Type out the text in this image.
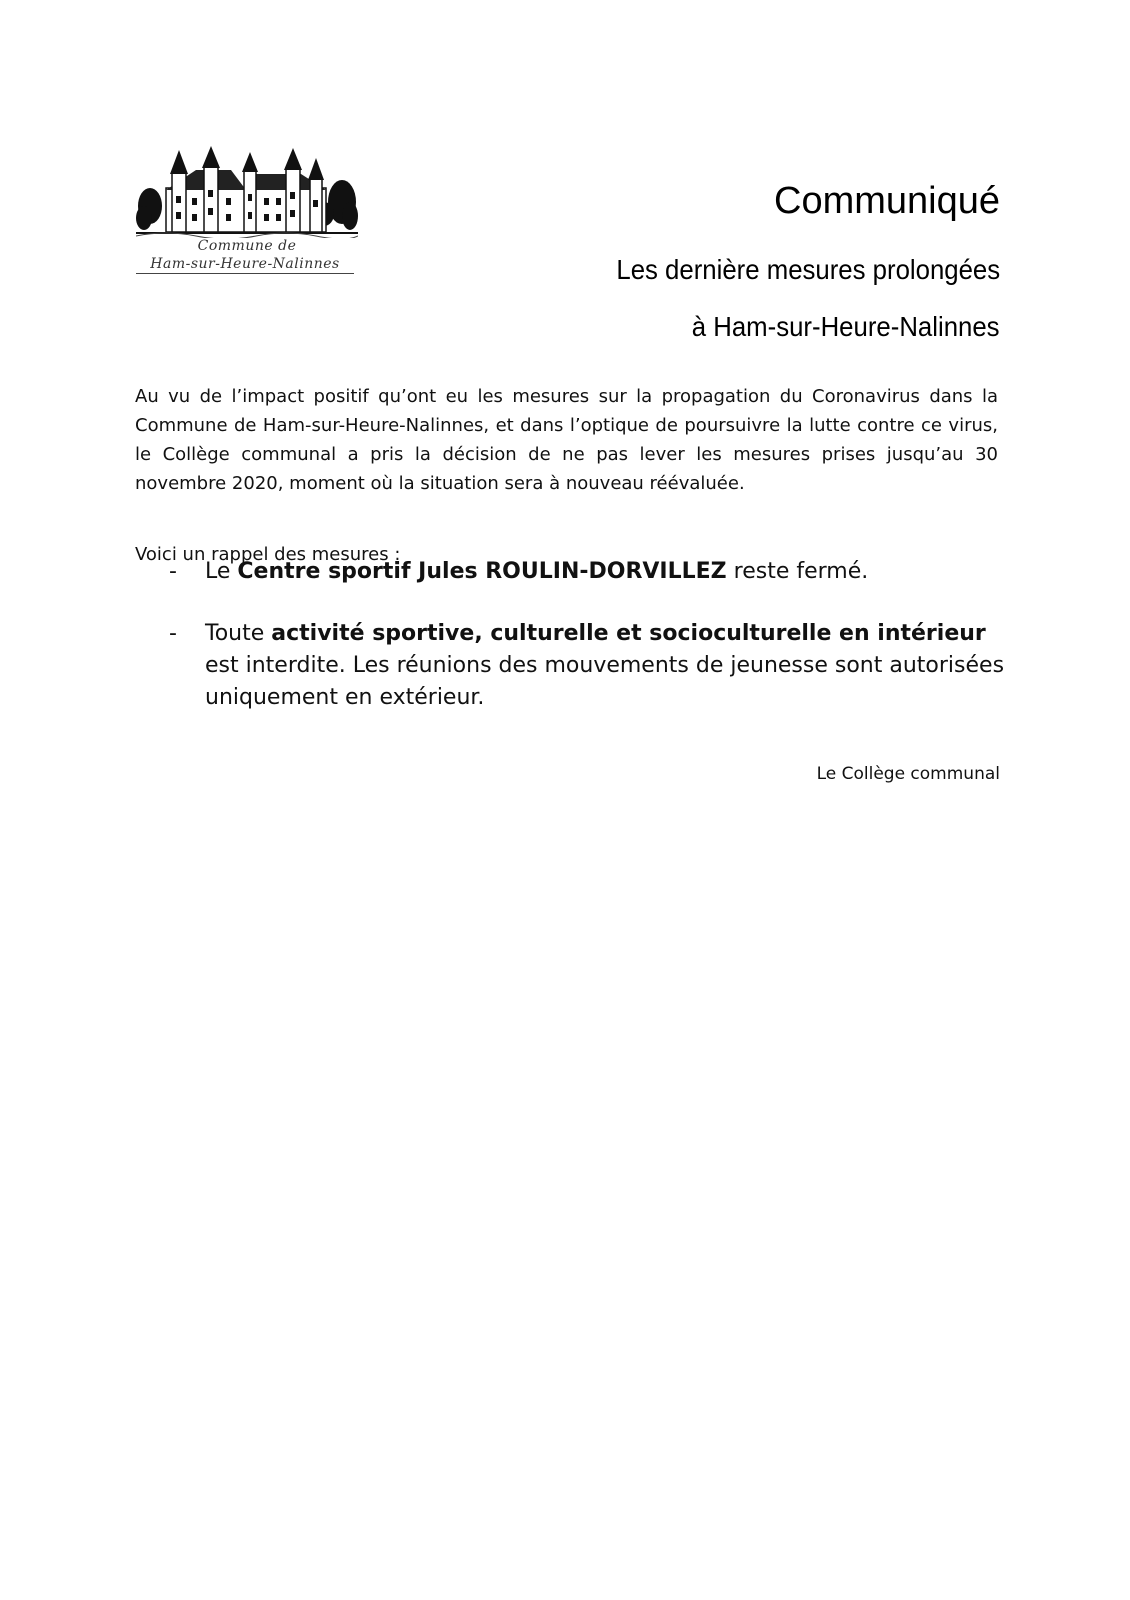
Commune de
Ham-sur-Heure-Nalinnes
Communiqué
Les dernière mesures prolongées
à Ham-sur-Heure-Nalinnes

Au vu de l’impact positif qu’ont eu les mesures sur la propagation du Coronavirus dans la Commune de Ham-sur-Heure-Nalinnes, et dans l’optique de poursuivre la lutte contre ce virus, le Collège communal a pris la décision de ne pas lever les mesures prises jusqu’au 30 novembre 2020, moment où la situation sera à nouveau réévaluée.

Voici un rappel des mesures :

- Le Centre sportif Jules ROULIN-DORVILLEZ reste fermé.
- Toute activité sportive, culturelle et socioculturelle en intérieur est interdite. Les réunions des mouvements de jeunesse sont autorisées uniquement en extérieur.
Le Collège communal
